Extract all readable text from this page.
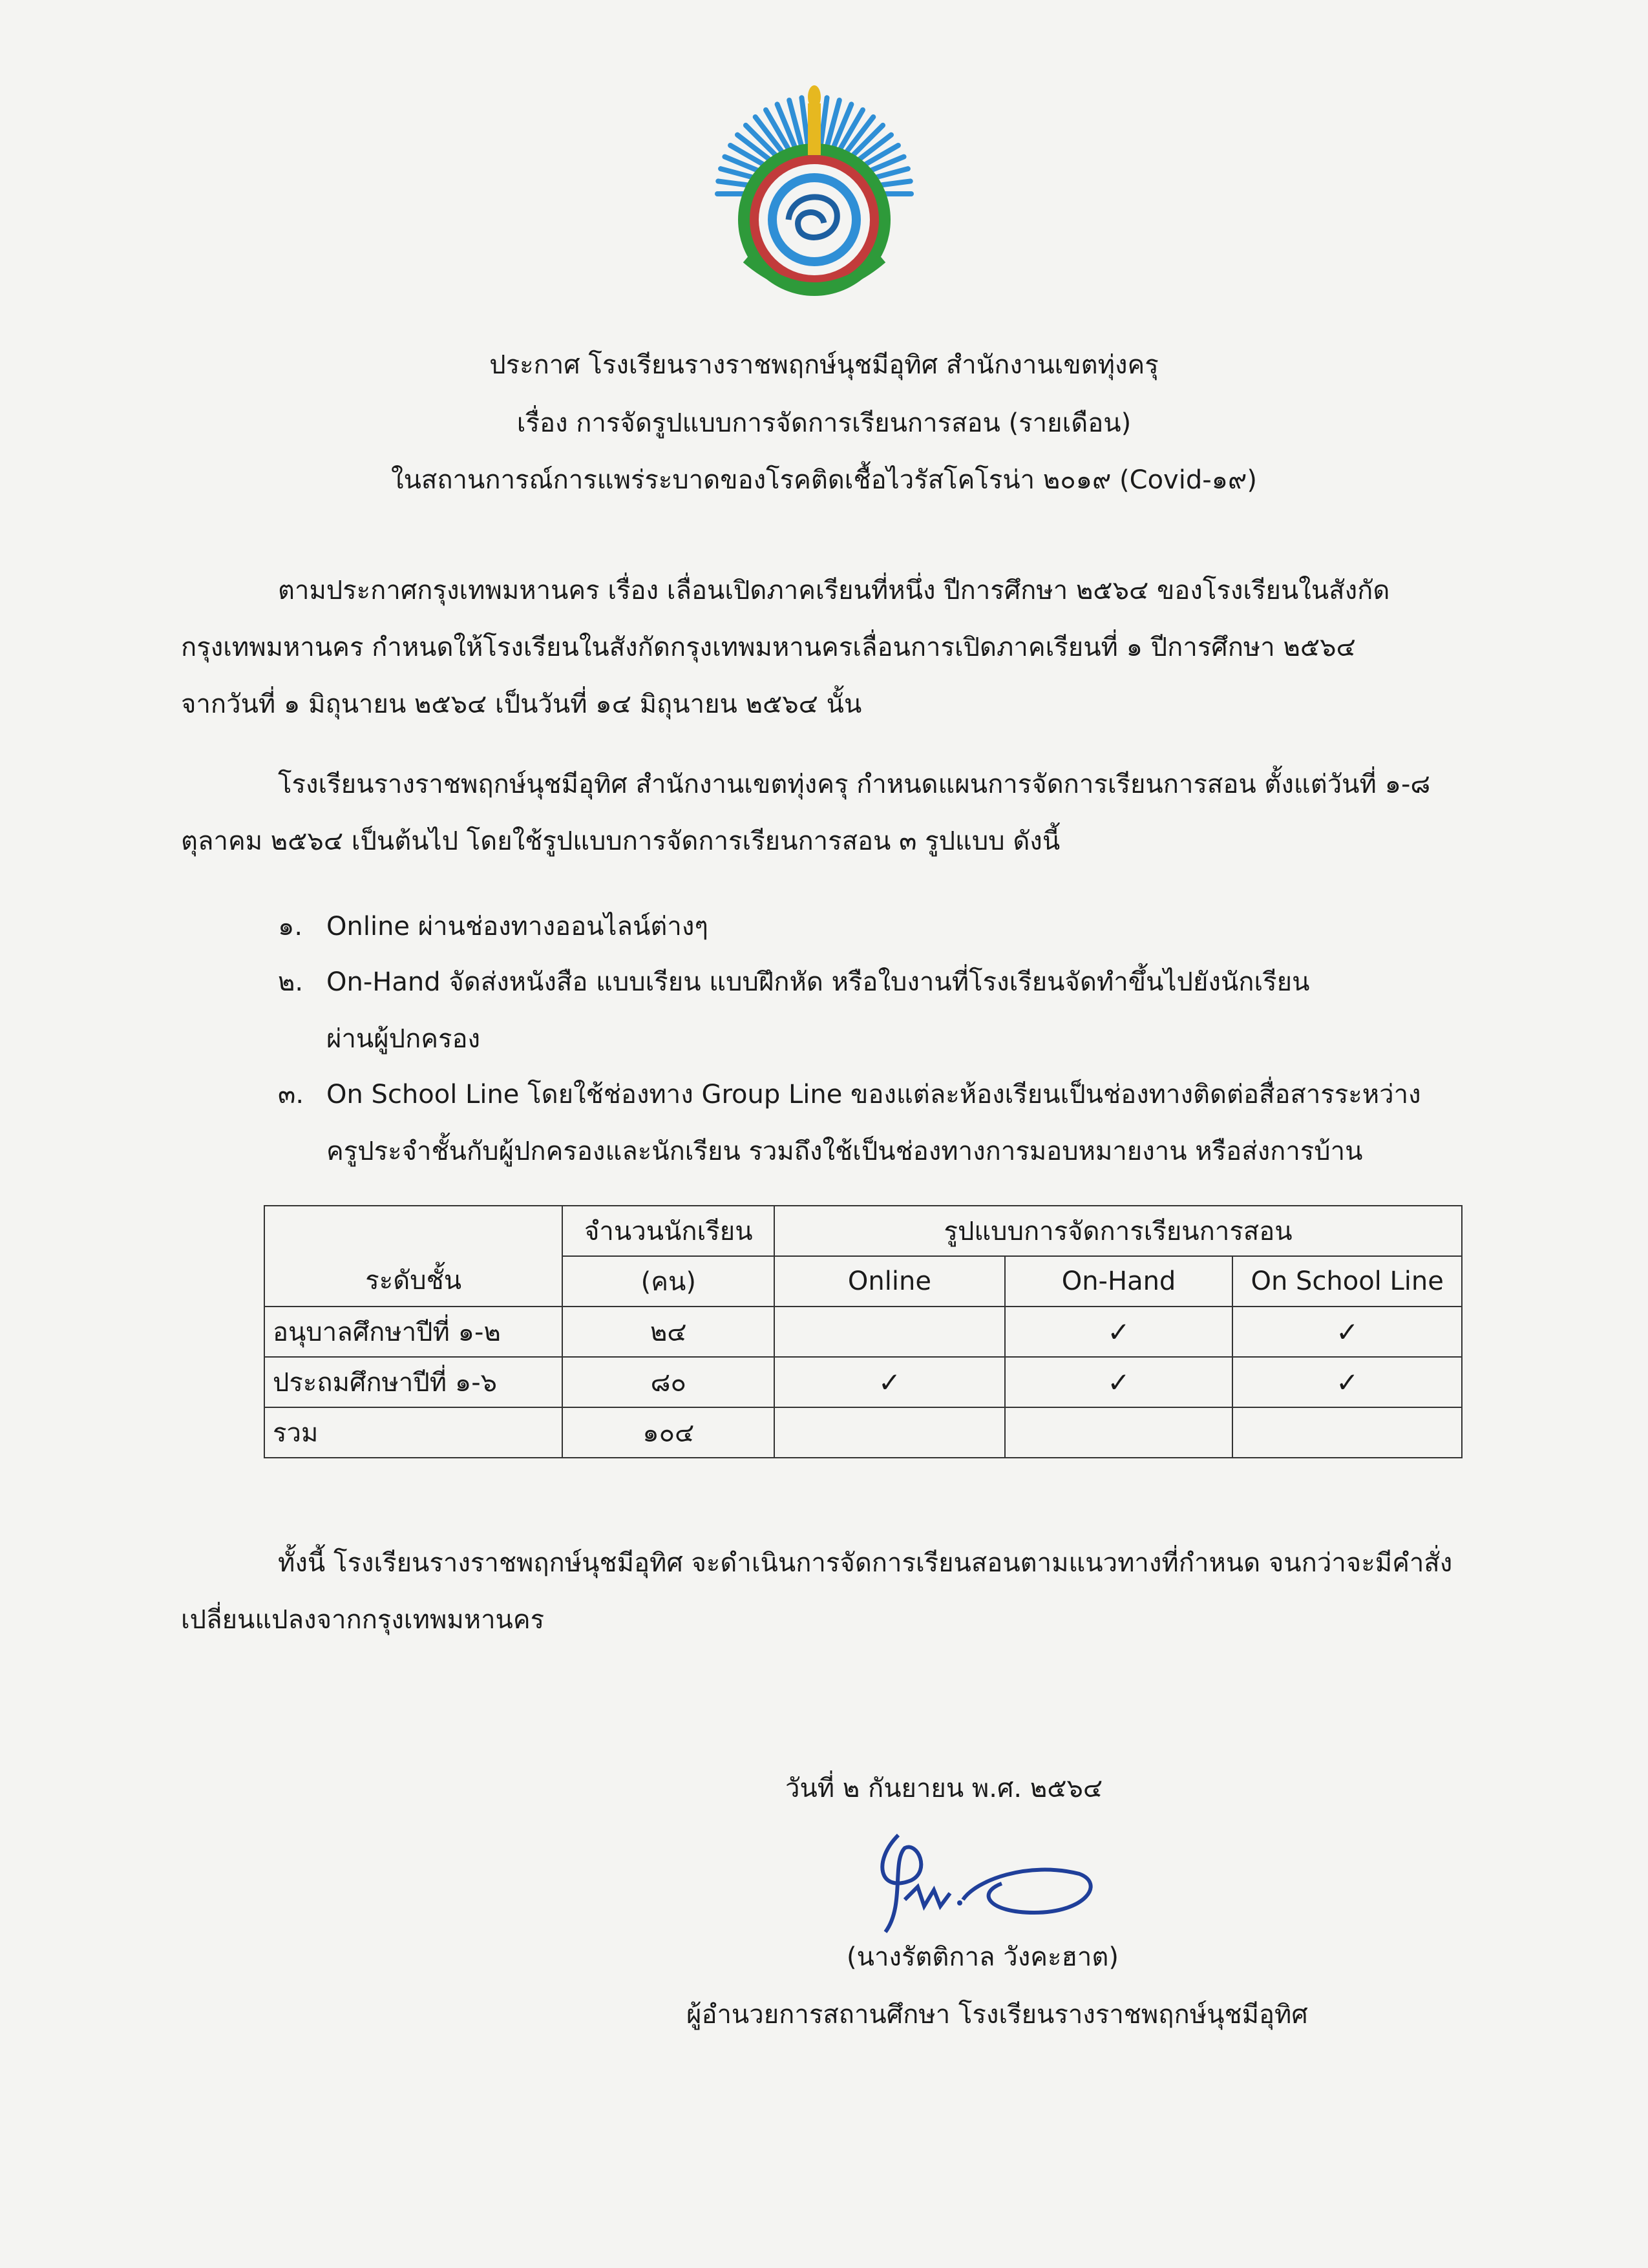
ประกาศ โรงเรียนรางราชพฤกษ์นุชมีอุทิศ สำนักงานเขตทุ่งครุ
เรื่อง การจัดรูปแบบการจัดการเรียนการสอน (รายเดือน)
ในสถานการณ์การแพร่ระบาดของโรคติดเชื้อไวรัสโคโรน่า ๒๐๑๙ (Covid-๑๙)
ตามประกาศกรุงเทพมหานคร เรื่อง เลื่อนเปิดภาคเรียนที่หนึ่ง ปีการศึกษา ๒๕๖๔ ของโรงเรียนในสังกัด
กรุงเทพมหานคร กำหนดให้โรงเรียนในสังกัดกรุงเทพมหานครเลื่อนการเปิดภาคเรียนที่ ๑ ปีการศึกษา ๒๕๖๔
จากวันที่ ๑ มิถุนายน ๒๕๖๔ เป็นวันที่ ๑๔ มิถุนายน ๒๕๖๔ นั้น
โรงเรียนรางราชพฤกษ์นุชมีอุทิศ สำนักงานเขตทุ่งครุ กำหนดแผนการจัดการเรียนการสอน ตั้งแต่วันที่ ๑-๘
ตุลาคม ๒๕๖๔ เป็นต้นไป โดยใช้รูปแบบการจัดการเรียนการสอน ๓ รูปแบบ ดังนี้
๑. Online ผ่านช่องทางออนไลน์ต่างๆ
๒. On-Hand จัดส่งหนังสือ แบบเรียน แบบฝึกหัด หรือใบงานที่โรงเรียนจัดทำขึ้นไปยังนักเรียน
ผ่านผู้ปกครอง
๓. On School Line โดยใช้ช่องทาง Group Line ของแต่ละห้องเรียนเป็นช่องทางติดต่อสื่อสารระหว่าง
ครูประจำชั้นกับผู้ปกครองและนักเรียน รวมถึงใช้เป็นช่องทางการมอบหมายงาน หรือส่งการบ้าน
ระดับชั้น	จำนวนนักเรียน	รูปแบบการจัดการเรียนการสอน		
	(คน)	Online	On-Hand	On School Line
อนุบาลศึกษาปีที่ ๑-๒	๒๔		✓	✓
ประถมศึกษาปีที่ ๑-๖	๘๐	✓	✓	✓
รวม	๑๐๔			
ทั้งนี้ โรงเรียนรางราชพฤกษ์นุชมีอุทิศ จะดำเนินการจัดการเรียนสอนตามแนวทางที่กำหนด จนกว่าจะมีคำสั่ง
เปลี่ยนแปลงจากกรุงเทพมหานคร
วันที่ ๒ กันยายน พ.ศ. ๒๕๖๔
(นางรัตติกาล วังคะฮาต)
ผู้อำนวยการสถานศึกษา โรงเรียนรางราชพฤกษ์นุชมีอุทิศ
